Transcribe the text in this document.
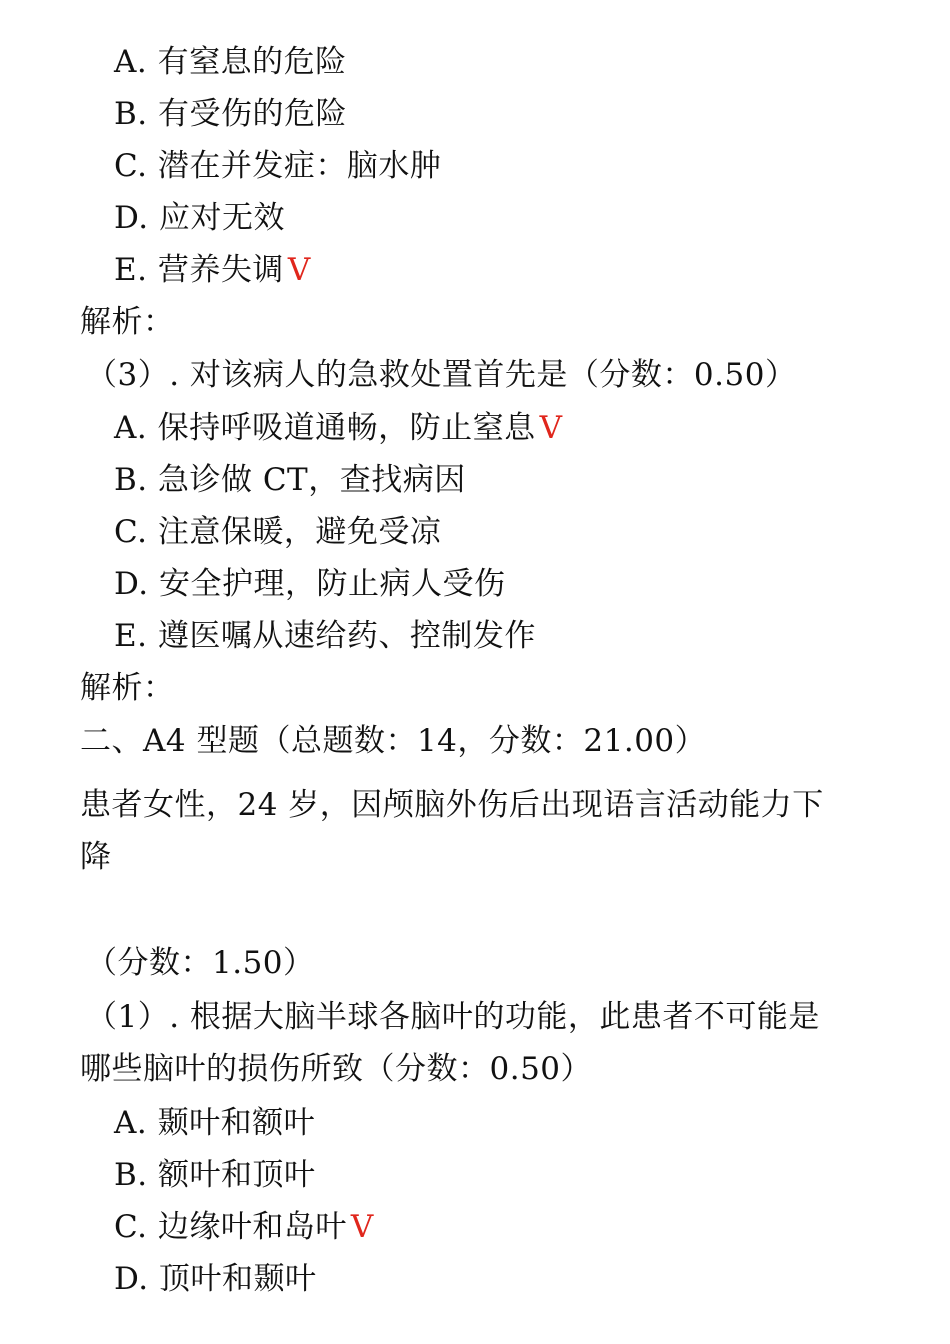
A. 有窒息的危险
B. 有受伤的危险
C. 潜在并发症：脑水肿
D. 应对无效
E. 营养失调 V
解析：
（3）. 对该病人的急救处置首先是（分数：0.50）
A. 保持呼吸道通畅，防止窒息 V
B. 急诊做 CT，查找病因
C. 注意保暖，避免受凉
D. 安全护理，防止病人受伤
E. 遵医嘱从速给药、控制发作
解析：
二、A4 型题（总题数：14，分数：21.00）
患者女性，24 岁，因颅脑外伤后出现语言活动能力下
降
（分数：1.50）
（1）. 根据大脑半球各脑叶的功能，此患者不可能是
哪些脑叶的损伤所致（分数：0.50）
A. 颞叶和额叶
B. 额叶和顶叶
C. 边缘叶和岛叶 V
D. 顶叶和颞叶
